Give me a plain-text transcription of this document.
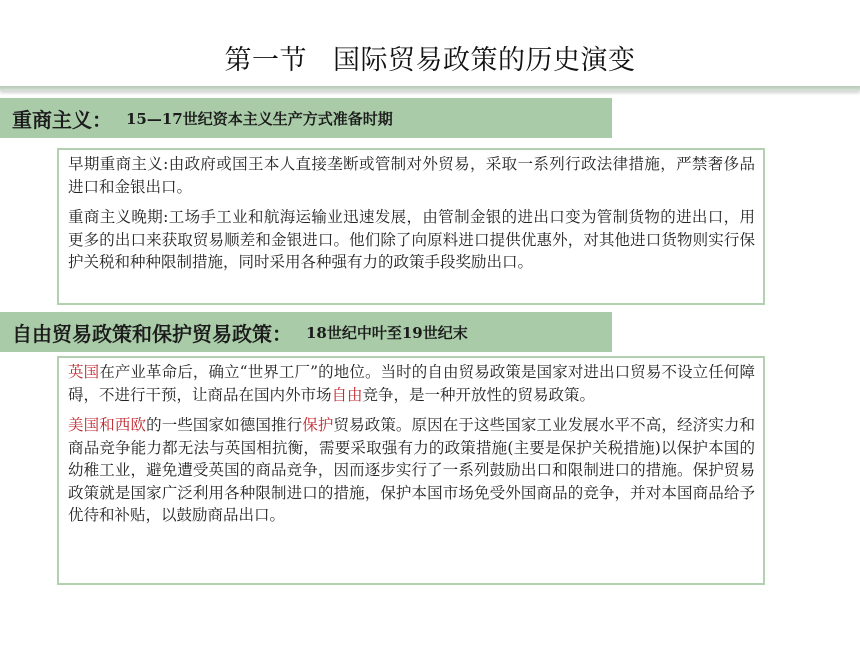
第一节 国际贸易政策的历史演变
重商主义： 15—17世纪资本主义生产方式准备时期

早期重商主义:由政府或国王本人直接垄断或管制对外贸易，采取一系列行政法律措施，严禁奢侈品进口和金银出口。

重商主义晚期:工场手工业和航海运输业迅速发展，由管制金银的进出口变为管制货物的进出口，用更多的出口来获取贸易顺差和金银进口。他们除了向原料进口提供优惠外，对其他进口货物则实行保护关税和种种限制措施，同时采用各种强有力的政策手段奖励出口。

自由贸易政策和保护贸易政策： 18世纪中叶至19世纪末

英国在产业革命后，确立“世界工厂”的地位。当时的自由贸易政策是国家对进出口贸易不设立任何障碍，不进行干预，让商品在国内外市场自由竞争，是一种开放性的贸易政策。

美国和西欧的一些国家如德国推行保护贸易政策。原因在于这些国家工业发展水平不高，经济实力和商品竞争能力都无法与英国相抗衡，需要采取强有力的政策措施(主要是保护关税措施)以保护本国的幼稚工业，避免遭受英国的商品竞争，因而逐步实行了一系列鼓励出口和限制进口的措施。保护贸易政策就是国家广泛利用各种限制进口的措施，保护本国市场免受外国商品的竞争，并对本国商品给予优待和补贴，以鼓励商品出口。
